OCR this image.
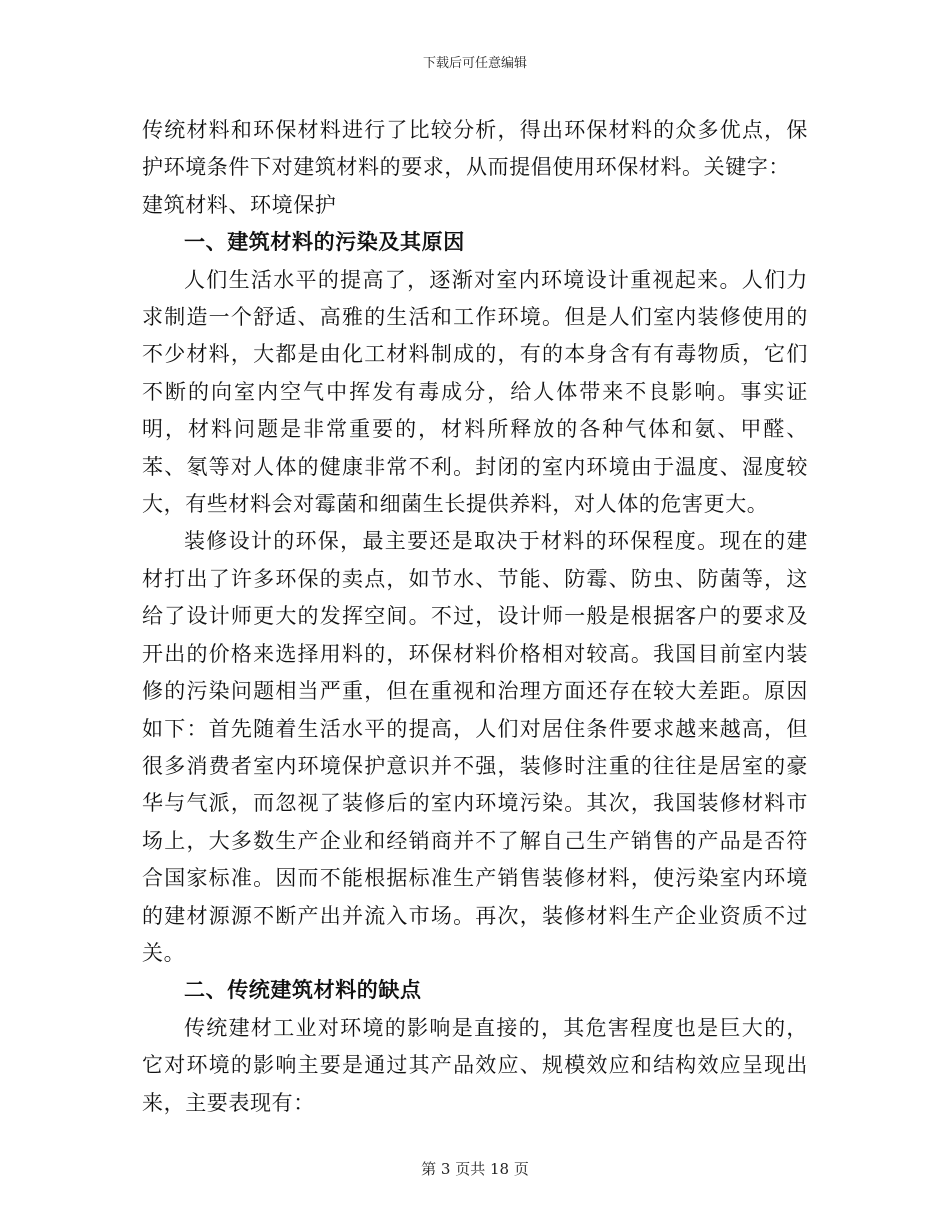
下载后可任意编辑

传统材料和环保材料进行了比较分析，得出环保材料的众多优点，保护环境条件下对建筑材料的要求，从而提倡使用环保材料。关键字：
建筑材料、环境保护

一、建筑材料的污染及其原因

人们生活水平的提高了，逐渐对室内环境设计重视起来。人们力求制造一个舒适、高雅的生活和工作环境。但是人们室内装修使用的不少材料，大都是由化工材料制成的，有的本身含有有毒物质，它们不断的向室内空气中挥发有毒成分，给人体带来不良影响。事实证明，材料问题是非常重要的，材料所释放的各种气体和氨、甲醛、苯、氡等对人体的健康非常不利。封闭的室内环境由于温度、湿度较大，有些材料会对霉菌和细菌生长提供养料，对人体的危害更大。

装修设计的环保，最主要还是取决于材料的环保程度。现在的建材打出了许多环保的卖点，如节水、节能、防霉、防虫、防菌等，这给了设计师更大的发挥空间。不过，设计师一般是根据客户的要求及开出的价格来选择用料的，环保材料价格相对较高。我国目前室内装修的污染问题相当严重，但在重视和治理方面还存在较大差距。原因如下：首先随着生活水平的提高，人们对居住条件要求越来越高，但很多消费者室内环境保护意识并不强，装修时注重的往往是居室的豪华与气派，而忽视了装修后的室内环境污染。其次，我国装修材料市场上，大多数生产企业和经销商并不了解自己生产销售的产品是否符合国家标准。因而不能根据标准生产销售装修材料，使污染室内环境的建材源源不断产出并流入市场。再次，装修材料生产企业资质不过关。

二、传统建筑材料的缺点

传统建材工业对环境的影响是直接的，其危害程度也是巨大的，它对环境的影响主要是通过其产品效应、规模效应和结构效应呈现出来，主要表现有：

第 3 页共 18 页
